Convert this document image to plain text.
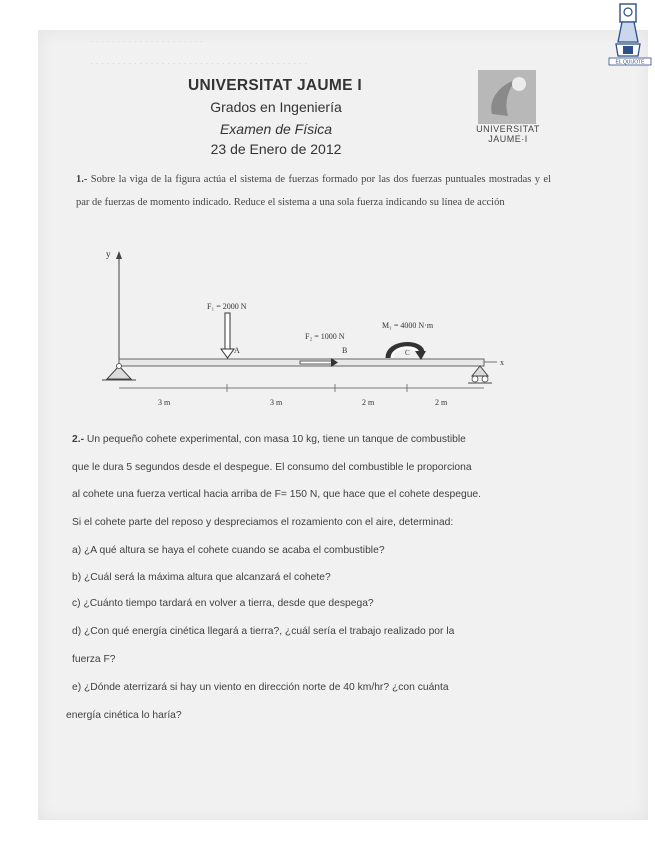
· · · · · · · · · · · · · · · · · · · · ·
· · · · · · · · · · · · · · · · · · · · · · · · · · · · · · · · · · · · · · · ·	EL QUIJOTE
UNIVERSITAT JAUME I
Grados en Ingeniería
Examen de Física
23 de Enero de 2012
UNIVERSITAT
JAUME·I
1.- Sobre la viga de la figura actúa el sistema de fuerzas formado por las dos fuerzas puntuales mostradas y el par de fuerzas de momento indicado. Reduce el sistema a una sola fuerza indicando su línea de acción
y
x
F₁ = 2000 N
A
F₂ = 1000 N
B
M₁ = 4000 N·m
C
3 m	3 m	2 m	2 m
2.- Un pequeño cohete experimental, con masa 10 kg, tiene un tanque de combustible
que le dura 5 segundos desde el despegue. El consumo del combustible le proporciona
al cohete una fuerza vertical hacia arriba de F= 150 N, que hace que el cohete despegue.
Si el cohete parte del reposo y despreciamos el rozamiento con el aire, determinad:
a) ¿A qué altura se haya el cohete cuando se acaba el combustible?
b) ¿Cuál será la máxima altura que alcanzará el cohete?
c) ¿Cuánto tiempo tardará en volver a tierra, desde que despega?
d) ¿Con qué energía cinética llegará a tierra?, ¿cuál sería el trabajo realizado por la
fuerza F?
e) ¿Dónde aterrizará si hay un viento en dirección norte de 40 km/hr? ¿con cuánta
energía cinética lo haría?
